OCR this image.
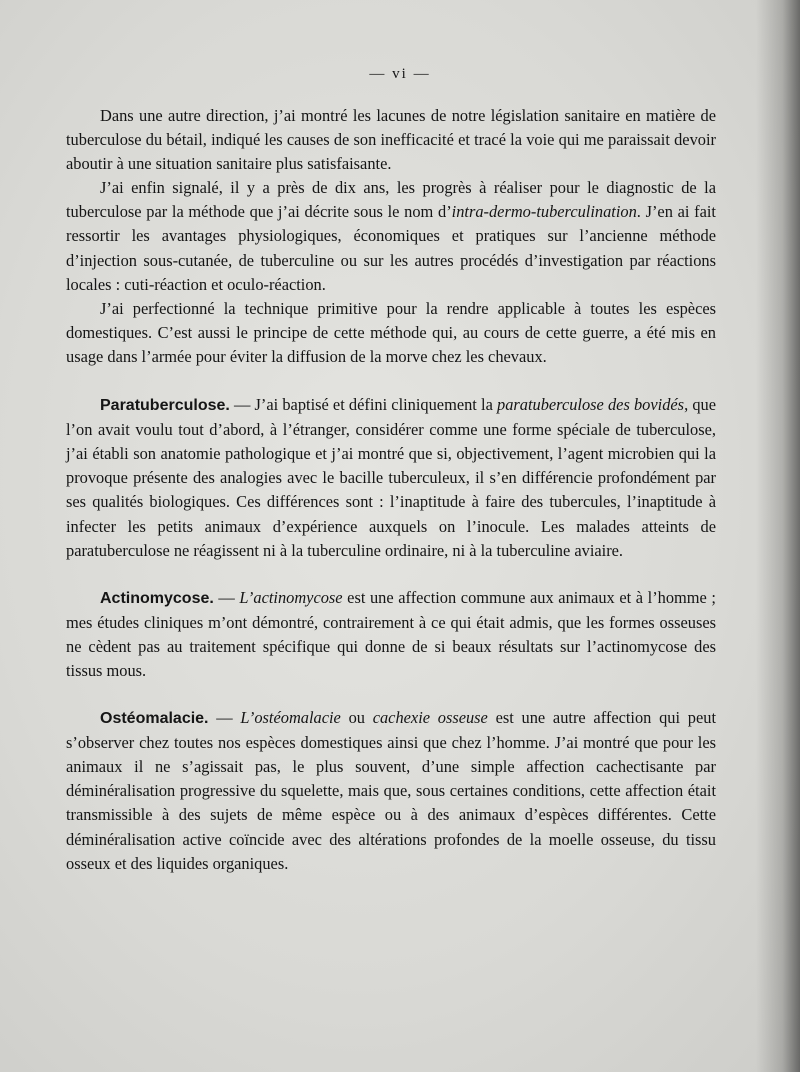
— vi —

Dans une autre direction, j’ai montré les lacunes de notre législation sanitaire en matière de tuberculose du bétail, indiqué les causes de son inefficacité et tracé la voie qui me paraissait devoir aboutir à une situation sanitaire plus satisfaisante.

J’ai enfin signalé, il y a près de dix ans, les progrès à réaliser pour le diagnostic de la tuberculose par la méthode que j’ai décrite sous le nom d’intra-dermo-tuberculination. J’en ai fait ressortir les avantages physiologiques, économiques et pratiques sur l’ancienne méthode d’injection sous-cutanée, de tuberculine ou sur les autres procédés d’investigation par réactions locales : cuti-réaction et oculo-réaction.

J’ai perfectionné la technique primitive pour la rendre applicable à toutes les espèces domestiques. C’est aussi le principe de cette méthode qui, au cours de cette guerre, a été mis en usage dans l’armée pour éviter la diffusion de la morve chez les chevaux.

Paratuberculose. — J’ai baptisé et défini cliniquement la paratuberculose des bovidés, que l’on avait voulu tout d’abord, à l’étranger, considérer comme une forme spéciale de tuberculose, j’ai établi son anatomie pathologique et j’ai montré que si, objectivement, l’agent microbien qui la provoque présente des analogies avec le bacille tuberculeux, il s’en différencie profondément par ses qualités biologiques. Ces différences sont : l’inaptitude à faire des tubercules, l’inaptitude à infecter les petits animaux d’expérience auxquels on l’inocule. Les malades atteints de paratuberculose ne réagissent ni à la tuberculine ordinaire, ni à la tuberculine aviaire.

Actinomycose. — L’actinomycose est une affection commune aux animaux et à l’homme ; mes études cliniques m’ont démontré, contrairement à ce qui était admis, que les formes osseuses ne cèdent pas au traitement spécifique qui donne de si beaux résultats sur l’actinomycose des tissus mous.

Ostéomalacie. — L’ostéomalacie ou cachexie osseuse est une autre affection qui peut s’observer chez toutes nos espèces domestiques ainsi que chez l’homme. J’ai montré que pour les animaux il ne s’agissait pas, le plus souvent, d’une simple affection cachectisante par déminéralisation progressive du squelette, mais que, sous certaines conditions, cette affection était transmissible à des sujets de même espèce ou à des animaux d’espèces différentes. Cette déminéralisation active coïncide avec des altérations profondes de la moelle osseuse, du tissu osseux et des liquides organiques.
